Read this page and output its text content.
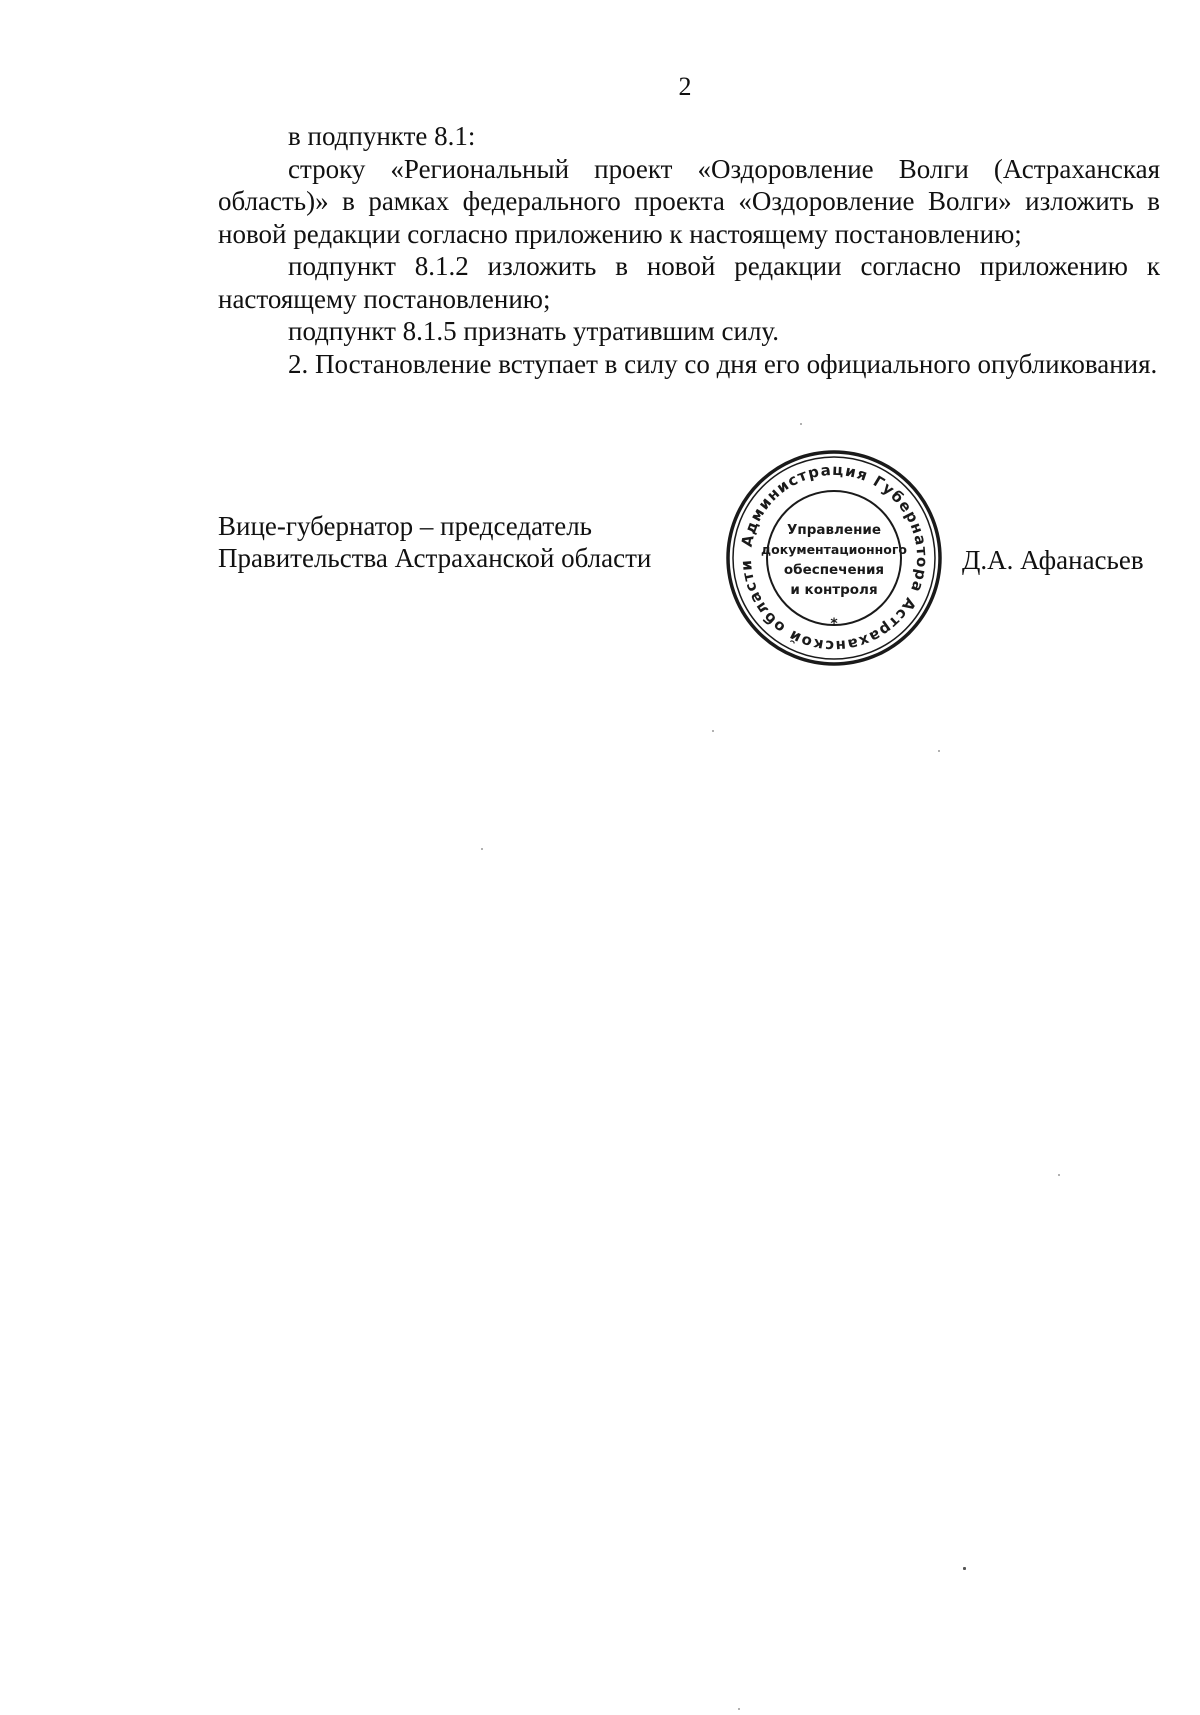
2

в подпункте 8.1:

строку «Региональный проект «Оздоровление Волги (Астраханская область)» в рамках федерального проекта «Оздоровление Волги» изложить в новой редакции согласно приложению к настоящему постановлению;

подпункт 8.1.2 изложить в новой редакции согласно приложению к настоящему постановлению;

подпункт 8.1.5 признать утратившим силу.

2. Постановление вступает в силу со дня его официального опубликования.

Вице-губернатор – председатель
Правительства Астраханской области
Администрация Губернатора Астраханской области
*
Управление
документационного
обеспечения
и контроля
Д.А. Афанасьев
